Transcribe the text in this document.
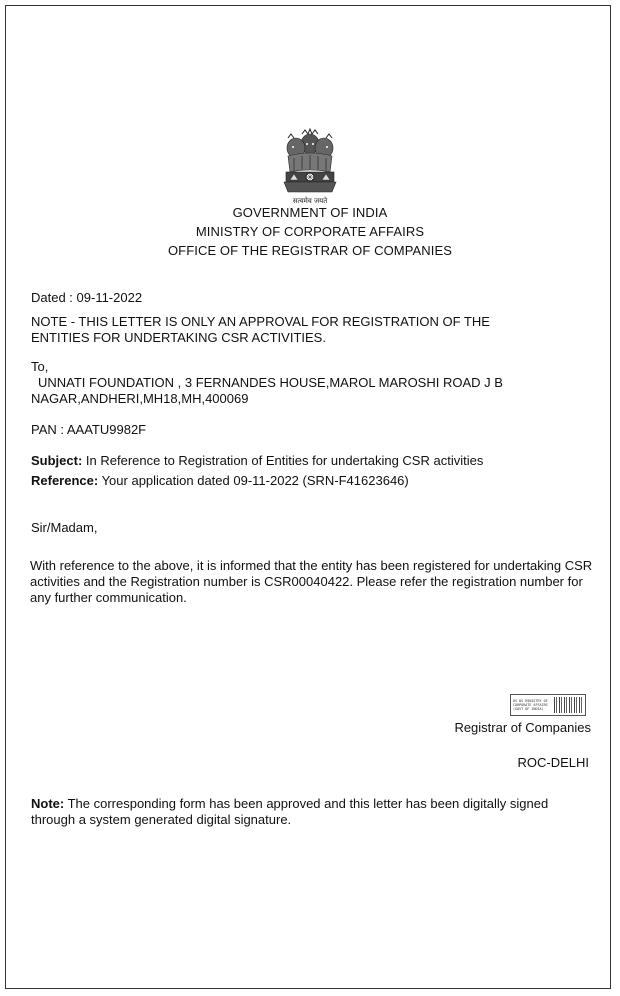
सत्यमेव जयते
GOVERNMENT OF INDIA
MINISTRY OF CORPORATE AFFAIRS
OFFICE OF THE REGISTRAR OF COMPANIES
Dated : 09-11-2022
NOTE - THIS LETTER IS ONLY AN APPROVAL FOR REGISTRATION OF THE ENTITIES FOR UNDERTAKING CSR ACTIVITIES.
To,
UNNATI FOUNDATION , 3 FERNANDES HOUSE,MAROL MAROSHI ROAD J B
NAGAR,ANDHERI,MH18,MH,400069
PAN : AAATU9982F
Subject: In Reference to Registration of Entities for undertaking CSR activities
Reference: Your application dated 09-11-2022 (SRN-F41623646)
Sir/Madam,
With reference to the above, it is informed that the entity has been registered for undertaking CSR activities and the Registration number is CSR00040422. Please refer the registration number for any further communication.
DS DS MINISTRY OF CORPORATE AFFAIRS (GOVT OF INDIA)
Registrar of Companies
ROC-DELHI
Note: The corresponding form has been approved and this letter has been digitally signed through a system generated digital signature.
